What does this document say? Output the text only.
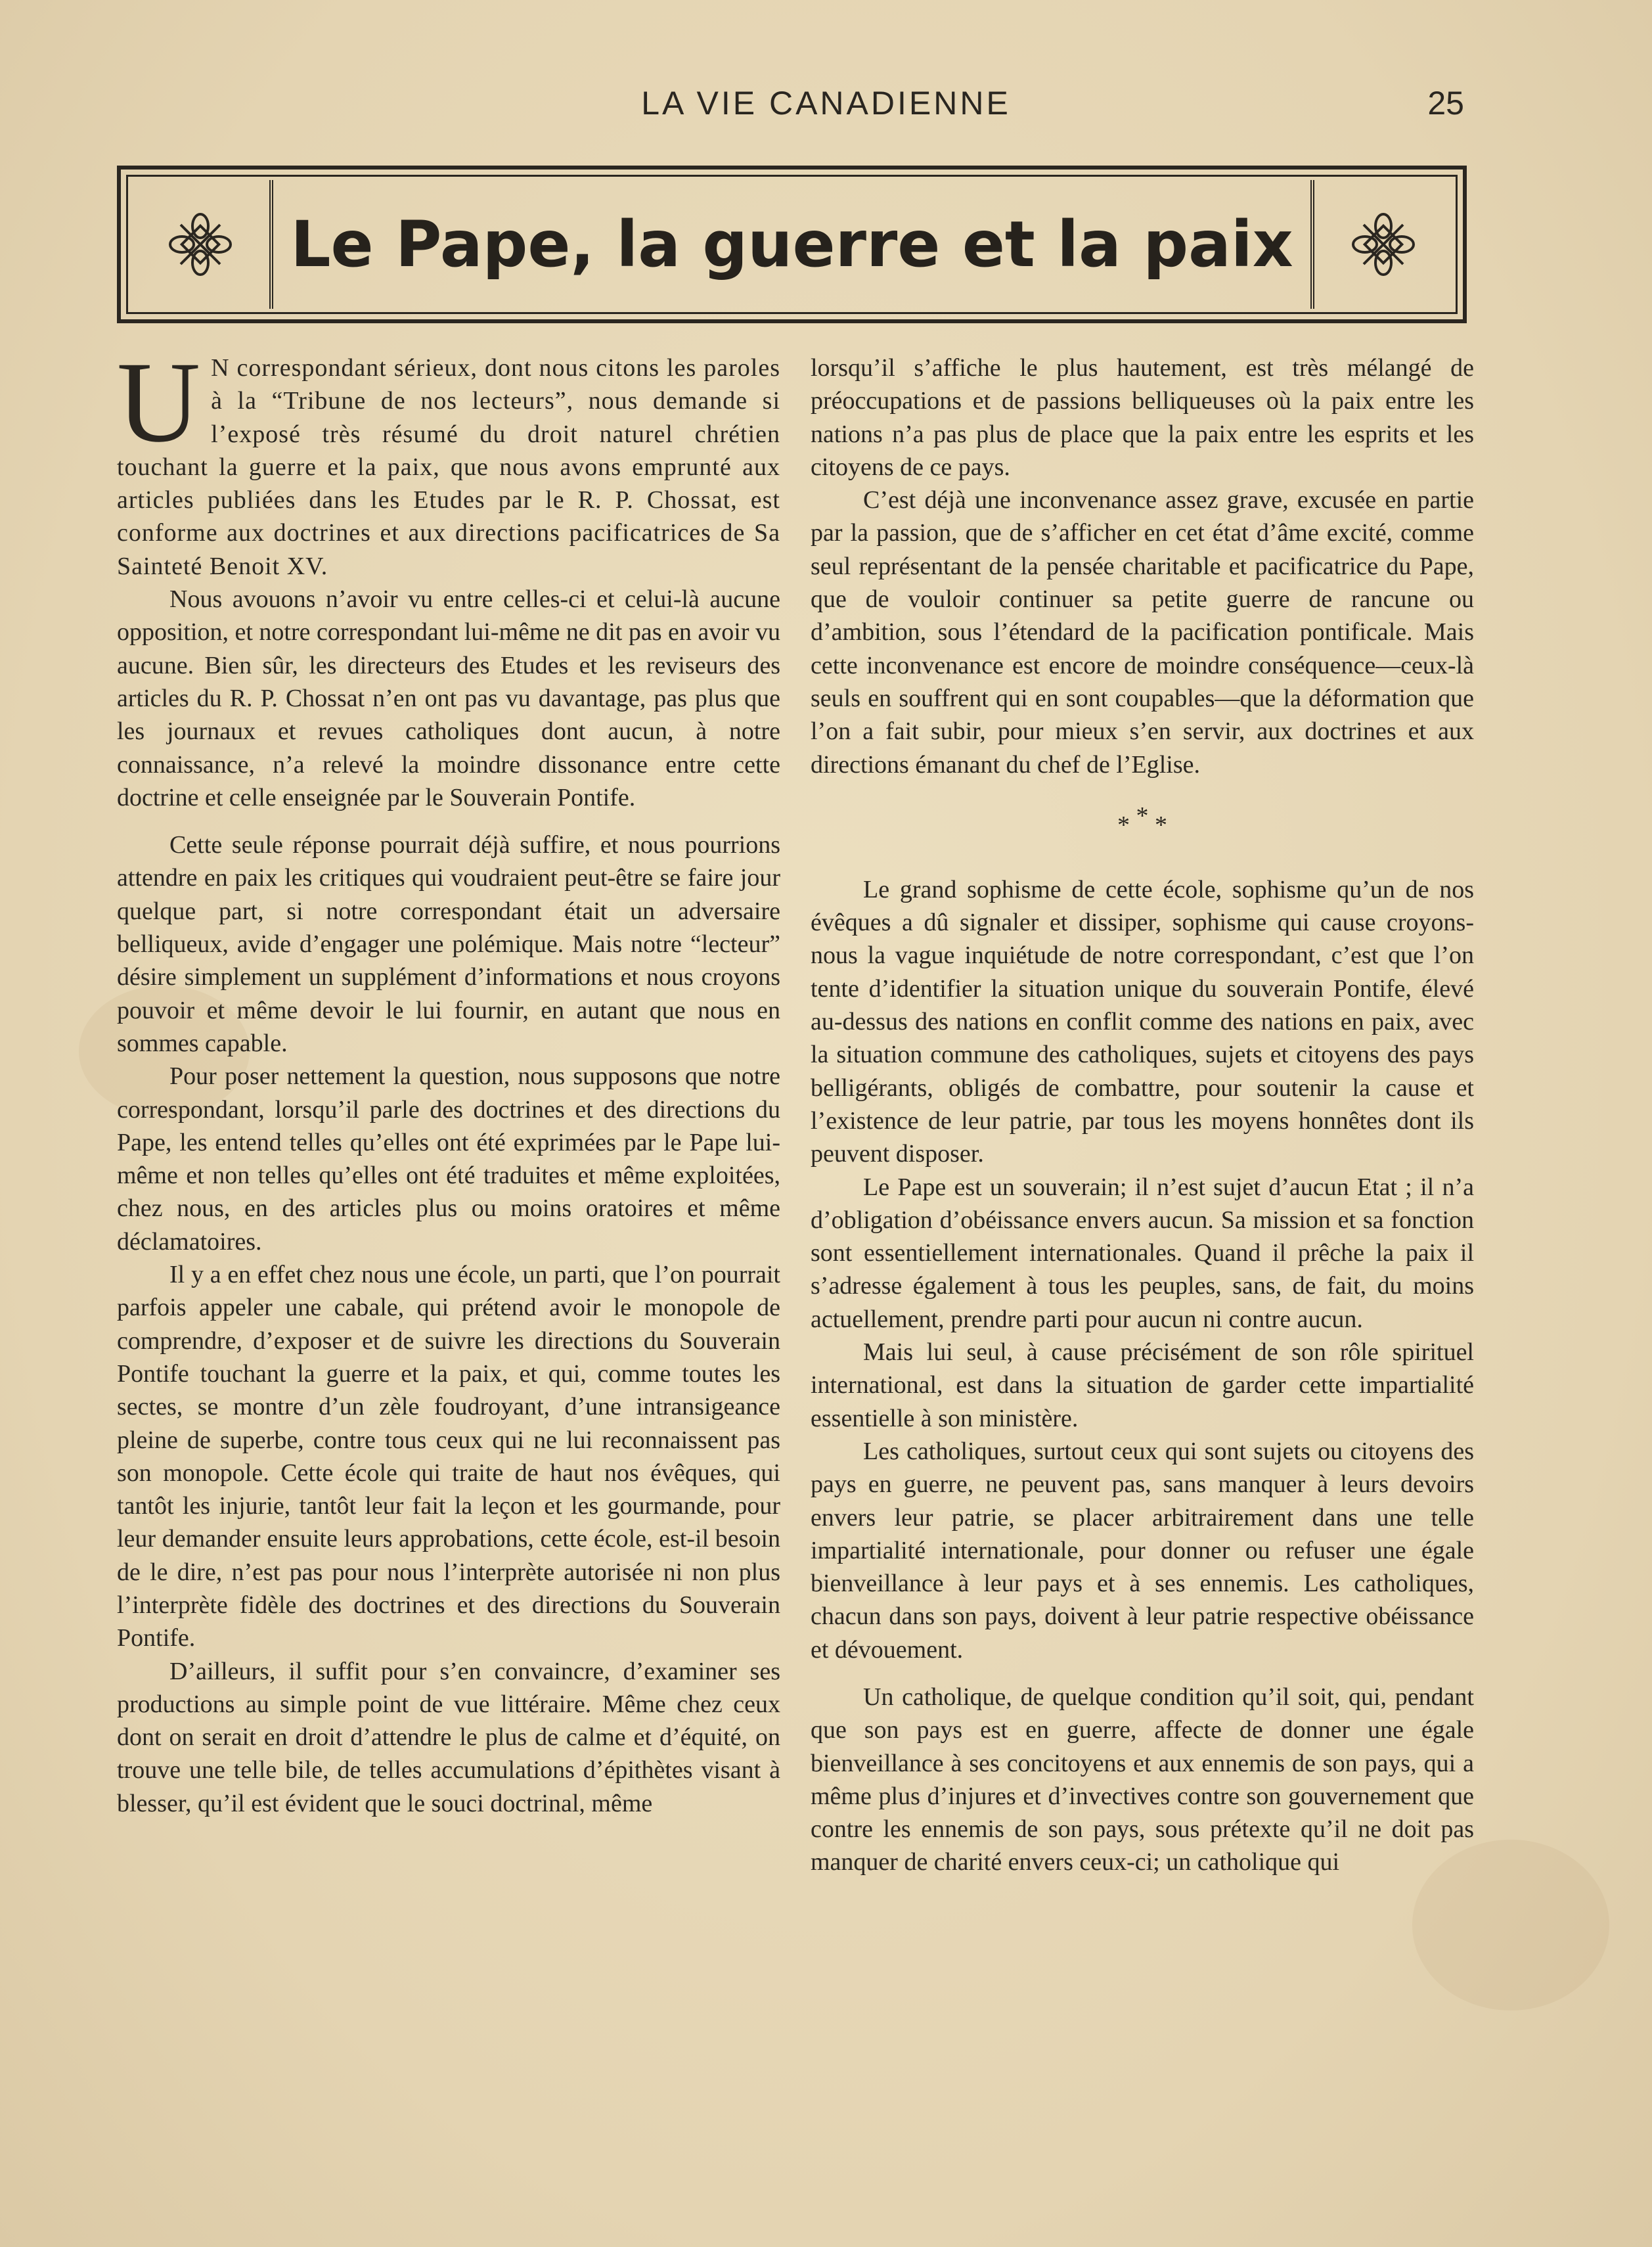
LA VIE CANADIENNE	25
Le Pape, la guerre et la paix

U N correspondant sérieux, dont nous citons les paroles à la “Tribune de nos lecteurs”, nous demande si l’exposé très résumé du droit naturel chrétien touchant la guerre et la paix, que nous avons emprunté aux articles publiées dans les Etudes par le R. P. Chossat, est conforme aux doctrines et aux directions pacificatrices de Sa Sainteté Benoit XV.

Nous avouons n’avoir vu entre celles-ci et celui-là aucune opposition, et notre correspondant lui-même ne dit pas en avoir vu aucune. Bien sûr, les directeurs des Etudes et les reviseurs des articles du R. P. Chossat n’en ont pas vu davantage, pas plus que les journaux et revues catholiques dont aucun, à notre connaissance, n’a relevé la moindre dissonance entre cette doctrine et celle enseignée par le Souverain Pontife.

Cette seule réponse pourrait déjà suffire, et nous pourrions attendre en paix les critiques qui voudraient peut-être se faire jour quelque part, si notre correspondant était un adversaire belliqueux, avide d’engager une polémique. Mais notre “lecteur” désire simplement un supplément d’informations et nous croyons pouvoir et même devoir le lui fournir, en autant que nous en sommes capable.

Pour poser nettement la question, nous supposons que notre correspondant, lorsqu’il parle des doctrines et des directions du Pape, les entend telles qu’elles ont été exprimées par le Pape lui-même et non telles qu’elles ont été traduites et même exploitées, chez nous, en des articles plus ou moins oratoires et même déclamatoires.

Il y a en effet chez nous une école, un parti, que l’on pourrait parfois appeler une cabale, qui prétend avoir le monopole de comprendre, d’exposer et de suivre les directions du Souverain Pontife touchant la guerre et la paix, et qui, comme toutes les sectes, se montre d’un zèle foudroyant, d’une intransigeance pleine de superbe, contre tous ceux qui ne lui reconnaissent pas son monopole. Cette école qui traite de haut nos évêques, qui tantôt les injurie, tantôt leur fait la leçon et les gourmande, pour leur demander ensuite leurs approbations, cette école, est-il besoin de le dire, n’est pas pour nous l’interprète autorisée ni non plus l’interprète fidèle des doctrines et des directions du Souverain Pontife.

D’ailleurs, il suffit pour s’en convaincre, d’examiner ses productions au simple point de vue littéraire. Même chez ceux dont on serait en droit d’attendre le plus de calme et d’équité, on trouve une telle bile, de telles accumulations d’épithètes visant à blesser, qu’il est évident que le souci doctrinal, même

lorsqu’il s’affiche le plus hautement, est très mélangé de préoccupations et de passions belliqueuses où la paix entre les nations n’a pas plus de place que la paix entre les esprits et les citoyens de ce pays.

C’est déjà une inconvenance assez grave, excusée en partie par la passion, que de s’afficher en cet état d’âme excité, comme seul représentant de la pensée charitable et pacificatrice du Pape, que de vouloir continuer sa petite guerre de rancune ou d’ambition, sous l’étendard de la pacification pontificale. Mais cette inconvenance est encore de moindre conséquence—ceux-là seuls en souffrent qui en sont coupables—que la déformation que l’on a fait subir, pour mieux s’en servir, aux doctrines et aux directions émanant du chef de l’Eglise.

* * *

Le grand sophisme de cette école, sophisme qu’un de nos évêques a dû signaler et dissiper, sophisme qui cause croyons-nous la vague inquiétude de notre correspondant, c’est que l’on tente d’identifier la situation unique du souverain Pontife, élevé au-dessus des nations en conflit comme des nations en paix, avec la situation commune des catholiques, sujets et citoyens des pays belligérants, obligés de combattre, pour soutenir la cause et l’existence de leur patrie, par tous les moyens honnêtes dont ils peuvent disposer.

Le Pape est un souverain; il n’est sujet d’aucun Etat ; il n’a d’obligation d’obéissance envers aucun. Sa mission et sa fonction sont essentiellement internationales. Quand il prêche la paix il s’adresse également à tous les peuples, sans, de fait, du moins actuellement, prendre parti pour aucun ni contre aucun.

Mais lui seul, à cause précisément de son rôle spirituel international, est dans la situation de garder cette impartialité essentielle à son ministère.

Les catholiques, surtout ceux qui sont sujets ou citoyens des pays en guerre, ne peuvent pas, sans manquer à leurs devoirs envers leur patrie, se placer arbitrairement dans une telle impartialité internationale, pour donner ou refuser une égale bienveillance à leur pays et à ses ennemis. Les catholiques, chacun dans son pays, doivent à leur patrie respective obéissance et dévouement.

Un catholique, de quelque condition qu’il soit, qui, pendant que son pays est en guerre, affecte de donner une égale bienveillance à ses concitoyens et aux ennemis de son pays, qui a même plus d’injures et d’invectives contre son gouvernement que contre les ennemis de son pays, sous prétexte qu’il ne doit pas manquer de charité envers ceux-ci; un catholique qui
